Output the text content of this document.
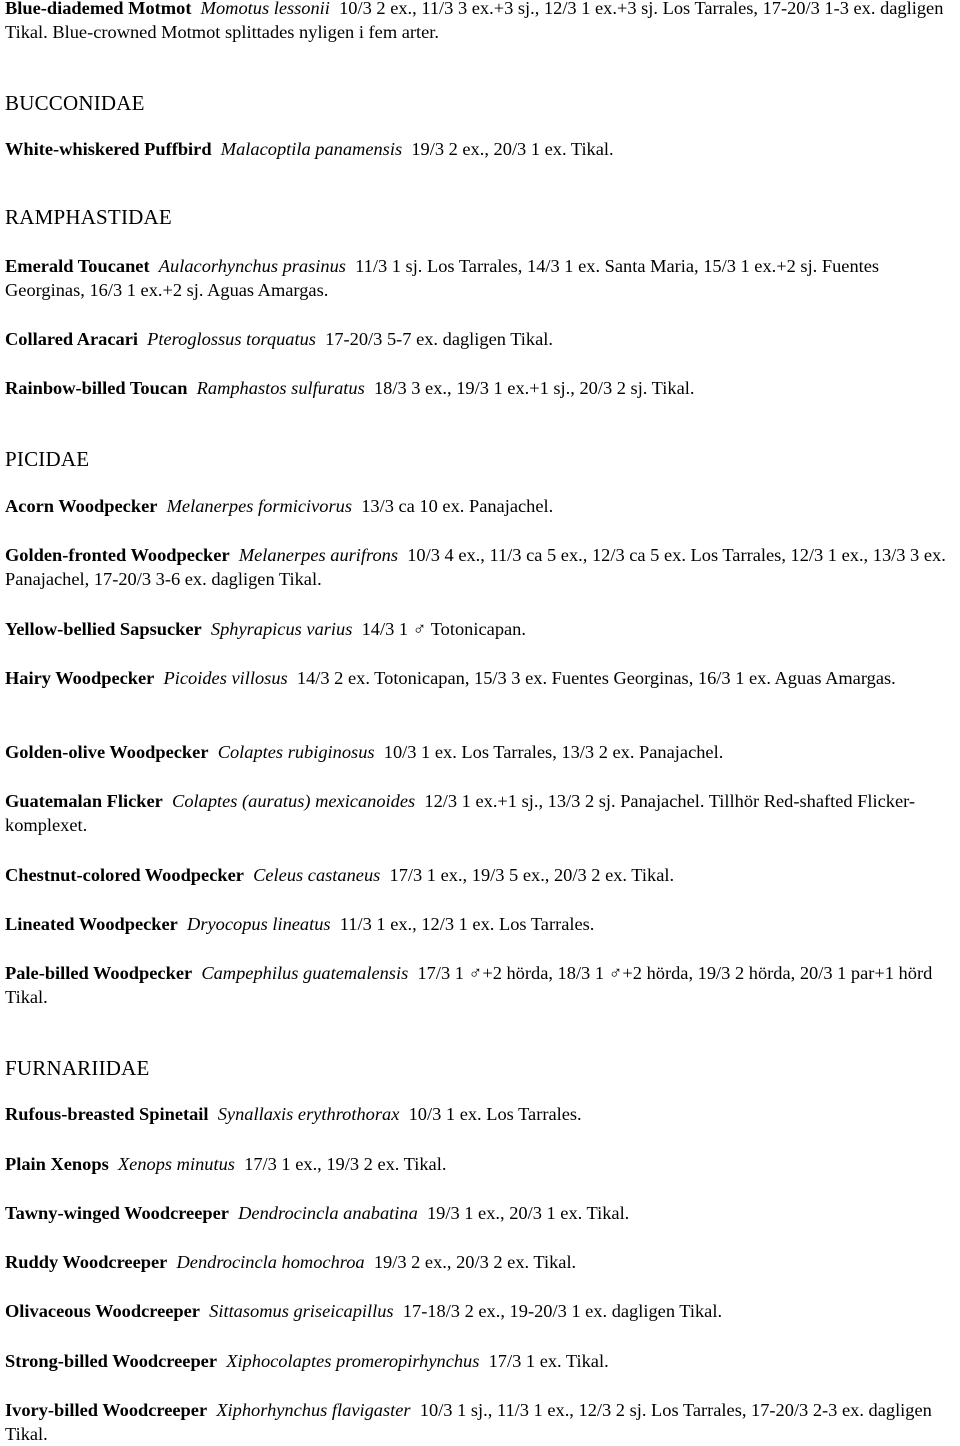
Blue-diademed Motmot Momotus lessonii 10/3 2 ex., 11/3 3 ex.+3 sj., 12/3 1 ex.+3 sj. Los Tarrales, 17-20/3 1-3 ex. dagligen Tikal. Blue-crowned Motmot splittades nyligen i fem arter.
BUCCONIDAE
White-whiskered Puffbird Malacoptila panamensis 19/3 2 ex., 20/3 1 ex. Tikal.
RAMPHASTIDAE
Emerald Toucanet Aulacorhynchus prasinus 11/3 1 sj. Los Tarrales, 14/3 1 ex. Santa Maria, 15/3 1 ex.+2 sj. Fuentes Georginas, 16/3 1 ex.+2 sj. Aguas Amargas.
Collared Aracari Pteroglossus torquatus 17-20/3 5-7 ex. dagligen Tikal.
Rainbow-billed Toucan Ramphastos sulfuratus 18/3 3 ex., 19/3 1 ex.+1 sj., 20/3 2 sj. Tikal.
PICIDAE
Acorn Woodpecker Melanerpes formicivorus 13/3 ca 10 ex. Panajachel.
Golden-fronted Woodpecker Melanerpes aurifrons 10/3 4 ex., 11/3 ca 5 ex., 12/3 ca 5 ex. Los Tarrales, 12/3 1 ex., 13/3 3 ex. Panajachel, 17-20/3 3-6 ex. dagligen Tikal.
Yellow-bellied Sapsucker Sphyrapicus varius 14/3 1 ♂ Totonicapan.
Hairy Woodpecker Picoides villosus 14/3 2 ex. Totonicapan, 15/3 3 ex. Fuentes Georginas, 16/3 1 ex. Aguas Amargas.
Golden-olive Woodpecker Colaptes rubiginosus 10/3 1 ex. Los Tarrales, 13/3 2 ex. Panajachel.
Guatemalan Flicker Colaptes (auratus) mexicanoides 12/3 1 ex.+1 sj., 13/3 2 sj. Panajachel. Tillhör Red-shafted Flicker-komplexet.
Chestnut-colored Woodpecker Celeus castaneus 17/3 1 ex., 19/3 5 ex., 20/3 2 ex. Tikal.
Lineated Woodpecker Dryocopus lineatus 11/3 1 ex., 12/3 1 ex. Los Tarrales.
Pale-billed Woodpecker Campephilus guatemalensis 17/3 1 ♂+2 hörda, 18/3 1 ♂+2 hörda, 19/3 2 hörda, 20/3 1 par+1 hörd Tikal.
FURNARIIDAE
Rufous-breasted Spinetail Synallaxis erythrothorax 10/3 1 ex. Los Tarrales.
Plain Xenops Xenops minutus 17/3 1 ex., 19/3 2 ex. Tikal.
Tawny-winged Woodcreeper Dendrocincla anabatina 19/3 1 ex., 20/3 1 ex. Tikal.
Ruddy Woodcreeper Dendrocincla homochroa 19/3 2 ex., 20/3 2 ex. Tikal.
Olivaceous Woodcreeper Sittasomus griseicapillus 17-18/3 2 ex., 19-20/3 1 ex. dagligen Tikal.
Strong-billed Woodcreeper Xiphocolaptes promeropirhynchus 17/3 1 ex. Tikal.
Ivory-billed Woodcreeper Xiphorhynchus flavigaster 10/3 1 sj., 11/3 1 ex., 12/3 2 sj. Los Tarrales, 17-20/3 2-3 ex. dagligen Tikal.
